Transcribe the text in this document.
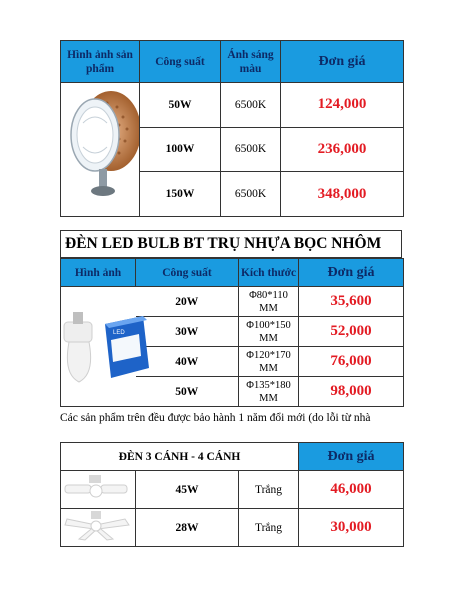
Hình ảnh sản phẩm	Công suất	Ánh sáng màu	Đơn giá
	50W	6500K	124,000
	100W	6500K	236,000
	150W	6500K	348,000
ĐÈN LED BULB BT TRỤ NHỰA BỌC NHÔM
Hình ảnh	Công suất	Kích thước	Đơn giá

LED	20W	Φ80*110 MM	35,600
	30W	Φ100*150 MM	52,000
	40W	Φ120*170 MM	76,000
	50W	Φ135*180 MM	98,000
Các sản phẩm trên đều được bảo hành 1 năm đổi mới (do lỗi từ nhà
ĐÈN 3 CÁNH - 4 CÁNH			Đơn giá
	45W	Trắng	46,000
	28W	Trắng	30,000
